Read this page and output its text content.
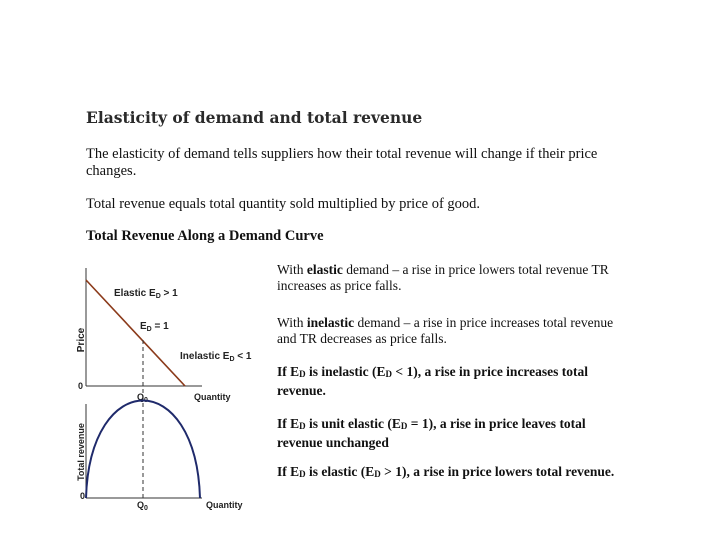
Elasticity of demand and total revenue
The elasticity of demand tells suppliers how their total revenue will change if their price changes.
Total revenue equals total quantity sold multiplied by price of good.
Total Revenue Along a Demand Curve
Price
0
$Q_0$	Quantity
Elastic $E_D > 1$
$E_D = 1$
Inelastic $E_D < 1$
Total revenue
0
$Q_0$	Quantity
With elastic demand – a rise in price lowers total revenue TR increases as price falls.
With inelastic demand – a rise in price increases total revenue and TR decreases as price falls.
If ED is inelastic (ED < 1), a rise in price increases total revenue.
If ED is unit elastic (ED = 1), a rise in price leaves total revenue unchanged
If ED is elastic (ED > 1), a rise in price lowers total revenue.
